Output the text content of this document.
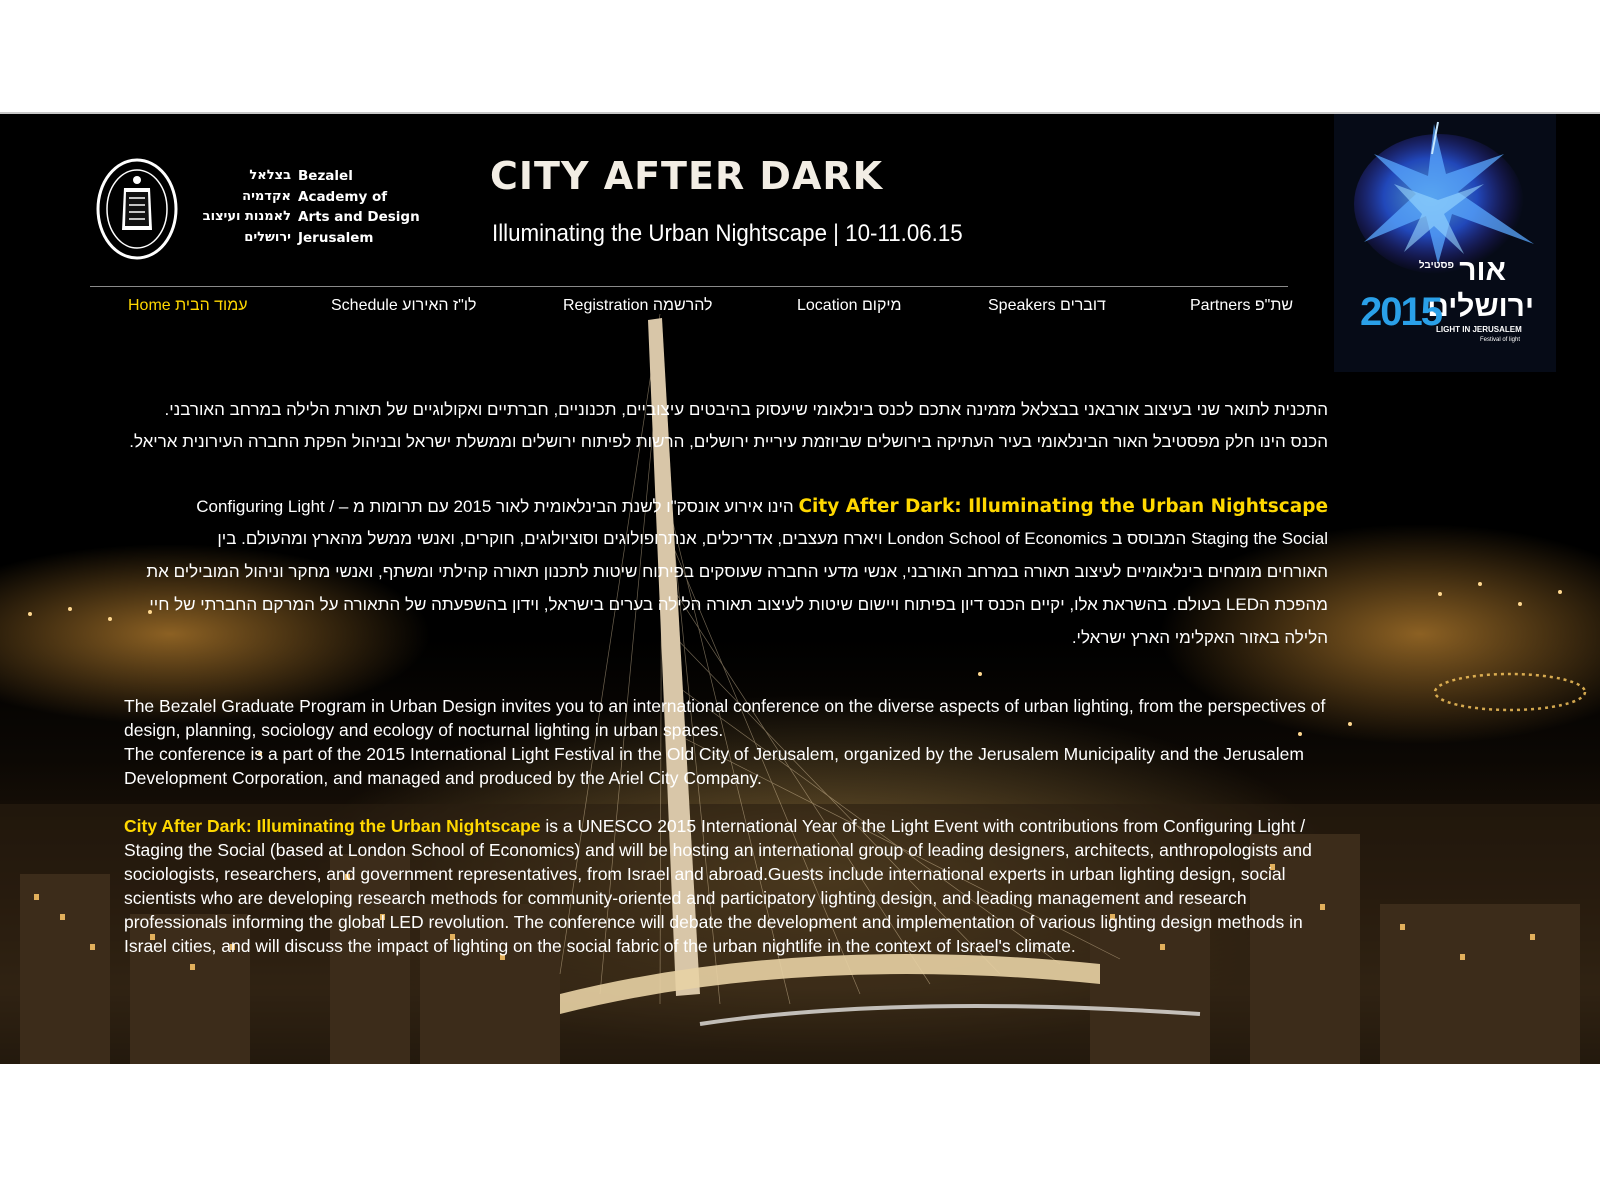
בצלאל
אקדמיה
לאמנות ועיצוב
ירושלים
Bezalel
Academy of
Arts and Design
Jerusalem
CITY AFTER DARK
Illuminating the Urban Nightscape | 10-11.06.15
Home עמוד הבית	Schedule לו"ז האירוע	Registration להרשמה	Location מיקום	Speakers דוברים	Partners שת"פ
פסטיבל אור
ירושלים
2015
LIGHT IN JERUSALEM
Festival of light
התכנית לתואר שני בעיצוב אורבאני בבצלאל מזמינה אתכם לכנס בינלאומי שיעסוק בהיבטים עיצוביים, תכנוניים, חברתיים ואקולוגיים של תאורת הלילה במרחב האורבני.
הכנס הינו חלק מפסטיבל האור הבינלאומי בעיר העתיקה בירושלים שביוזמת עיריית ירושלים, הרשות לפיתוח ירושלים וממשלת ישראל ובניהול הפקת החברה העירונית אריאל.
City After Dark: Illuminating the Urban Nightscape הינו אירוע אונסק"ו לשנת הבינלאומית לאור 2015 עם תרומות מ – / Configuring Light
Staging the Social המבוסס ב London School of Economics ויארח מעצבים, אדריכלים, אנתרופולוגים וסוציולוגים, חוקרים, ואנשי ממשל מהארץ ומהעולם. בין
האורחים מומחים בינלאומיים לעיצוב תאורה במרחב האורבני, אנשי מדעי החברה שעוסקים בפיתוח שיטות לתכנון תאורה קהילתי ומשתף, ואנשי מחקר וניהול המובילים את
מהפכת הLED בעולם. בהשראת אלו, יקיים הכנס דיון בפיתוח ויישום שיטות לעיצוב תאורה הלילה בערים בישראל, וידון בהשפעתה של התאורה על המרקם החברתי של חיי
הלילה באזור האקלימי הארץ ישראלי.

The Bezalel Graduate Program in Urban Design invites you to an international conference on the diverse aspects of urban lighting, from the perspectives of design, planning, sociology and ecology of nocturnal lighting in urban spaces.
The conference is a part of the 2015 International Light Festival in the Old City of Jerusalem, organized by the Jerusalem Municipality and the Jerusalem Development Corporation, and managed and produced by the Ariel City Company.

City After Dark: Illuminating the Urban Nightscape is a UNESCO 2015 International Year of the Light Event with contributions from Configuring Light / Staging the Social (based at London School of Economics) and will be hosting an international group of leading designers, architects, anthropologists and sociologists, researchers, and government representatives, from Israel and abroad.Guests include international experts in urban lighting design, social scientists who are developing research methods for community-oriented and participatory lighting design, and leading management and research professionals informing the global LED revolution. The conference will debate the development and implementation of various lighting design methods in Israel cities, and will discuss the impact of lighting on the social fabric of the urban nightlife in the context of Israel's climate.
